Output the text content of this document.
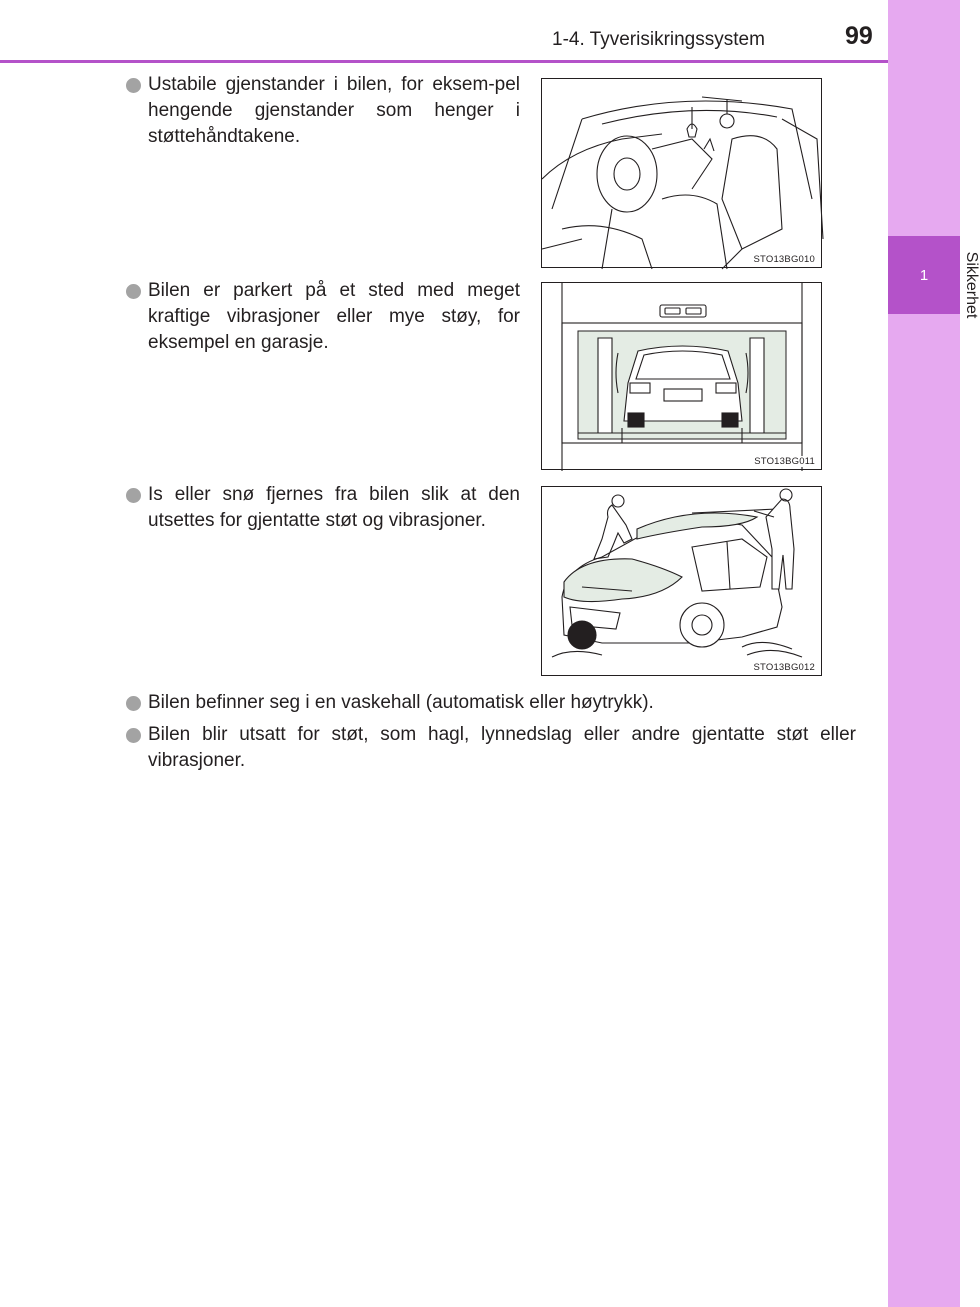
1-4. Tyverisikringssystem	99
1 Sikkerhet
Ustabile gjenstander i bilen, for eksem-pel hengende gjenstander som henger i støttehåndtakene.
STO13BG010
Bilen er parkert på et sted med meget kraftige vibrasjoner eller mye støy, for eksempel en garasje.
STO13BG011
Is eller snø fjernes fra bilen slik at den utsettes for gjentatte støt og vibrasjoner.
STO13BG012
Bilen befinner seg i en vaskehall (automatisk eller høytrykk).
Bilen blir utsatt for støt, som hagl, lynnedslag eller andre gjentatte støt eller vibrasjoner.
